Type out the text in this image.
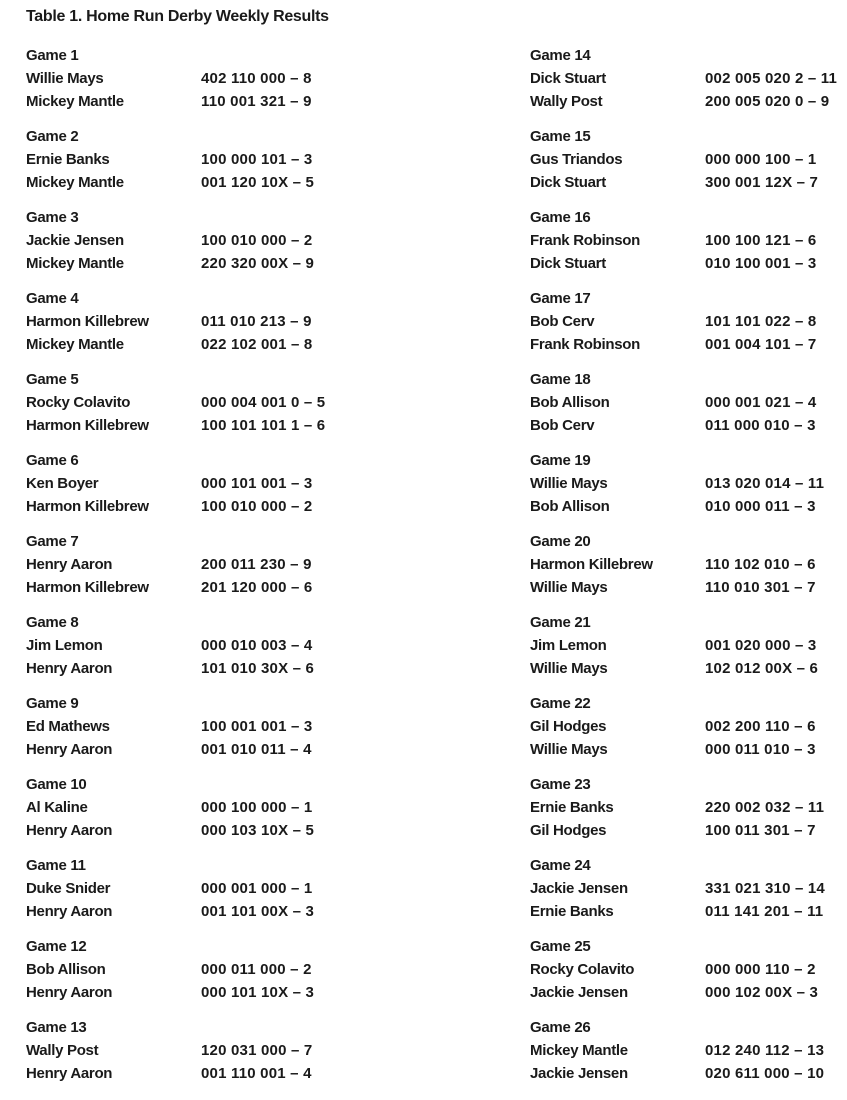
Table 1. Home Run Derby Weekly Results
Game 1
Willie Mays	402 110 000 – 8
Mickey Mantle	110 001 321 – 9
Game 2
Ernie Banks	100 000 101 – 3
Mickey Mantle	001 120 10X – 5
Game 3
Jackie Jensen	100 010 000 – 2
Mickey Mantle	220 320 00X – 9
Game 4
Harmon Killebrew	011 010 213 – 9
Mickey Mantle	022 102 001 – 8
Game 5
Rocky Colavito	000 004 001 0 – 5
Harmon Killebrew	100 101 101 1 – 6
Game 6
Ken Boyer	000 101 001 – 3
Harmon Killebrew	100 010 000 – 2
Game 7
Henry Aaron	200 011 230 – 9
Harmon Killebrew	201 120 000 – 6
Game 8
Jim Lemon	000 010 003 – 4
Henry Aaron	101 010 30X – 6
Game 9
Ed Mathews	100 001 001 – 3
Henry Aaron	001 010 011 – 4
Game 10
Al Kaline	000 100 000 – 1
Henry Aaron	000 103 10X – 5
Game 11
Duke Snider	000 001 000 – 1
Henry Aaron	001 101 00X – 3
Game 12
Bob Allison	000 011 000 – 2
Henry Aaron	000 101 10X – 3
Game 13
Wally Post	120 031 000 – 7
Henry Aaron	001 110 001 – 4
Game 14
Dick Stuart	002 005 020 2 – 11
Wally Post	200 005 020 0 – 9
Game 15
Gus Triandos	000 000 100 – 1
Dick Stuart	300 001 12X – 7
Game 16
Frank Robinson	100 100 121 – 6
Dick Stuart	010 100 001 – 3
Game 17
Bob Cerv	101 101 022 – 8
Frank Robinson	001 004 101 – 7
Game 18
Bob Allison	000 001 021 – 4
Bob Cerv	011 000 010 – 3
Game 19
Willie Mays	013 020 014 – 11
Bob Allison	010 000 011 – 3
Game 20
Harmon Killebrew	110 102 010 – 6
Willie Mays	110 010 301 – 7
Game 21
Jim Lemon	001 020 000 – 3
Willie Mays	102 012 00X – 6
Game 22
Gil Hodges	002 200 110 – 6
Willie Mays	000 011 010 – 3
Game 23
Ernie Banks	220 002 032 – 11
Gil Hodges	100 011 301 – 7
Game 24
Jackie Jensen	331 021 310 – 14
Ernie Banks	011 141 201 – 11
Game 25
Rocky Colavito	000 000 110 – 2
Jackie Jensen	000 102 00X – 3
Game 26
Mickey Mantle	012 240 112 – 13
Jackie Jensen	020 611 000 – 10
